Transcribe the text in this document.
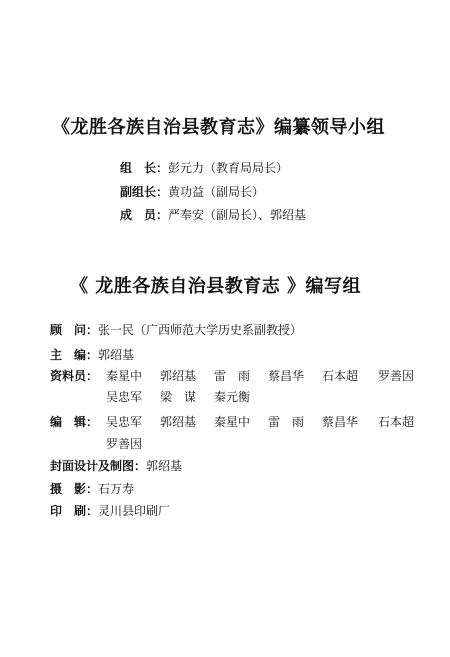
《龙胜各族自治县教育志》编纂领导小组
组　长：彭元力（教育局局长）
副组长：黄功益（副局长）
成　员：严奉安（副局长）、郭绍基
《 龙胜各族自治县教育志 》编写组
顾　问：张一民（广西师范大学历史系副教授）
主　编：郭绍基
资料员： 秦星中 郭绍基 雷　雨 蔡昌华 石本超 罗善因
吴忠军 梁　谋 秦元衡
编　辑： 吴忠军 郭绍基 秦星中 雷　雨 蔡昌华 石本超
罗善因
封面设计及制图：郭绍基
摄　影：石万寿
印　刷：灵川县印刷厂
